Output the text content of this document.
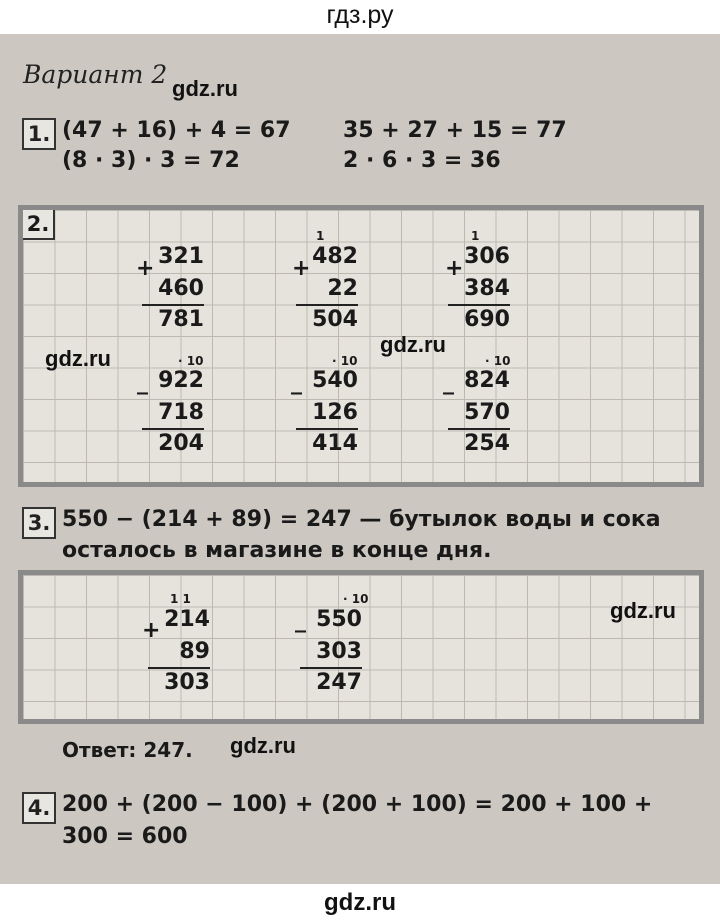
гдз.ру
Вариант 2 gdz.ru
1. (47 + 16) + 4 = 67 35 + 27 + 15 = 77
(8 · 3) · 3 = 72	2 · 6 · 3 = 36
2.
+ 321
460
781
1
+ 482
22
504
1
+ 306
384
690
gdz.ru
gdz.ru
· 10
_ 922
718
204
· 10
_ 540
126
414
· 10
_ 824
570
254
3. 550 − (214 + 89) = 247 — бутылок воды и сока
осталось в магазине в конце дня.
1 1
+ 214
89
303
· 10
_ 550
303
247
gdz.ru
Ответ: 247. gdz.ru
4. 200 + (200 − 100) + (200 + 100) = 200 + 100 +
300 = 600
gdz.ru
